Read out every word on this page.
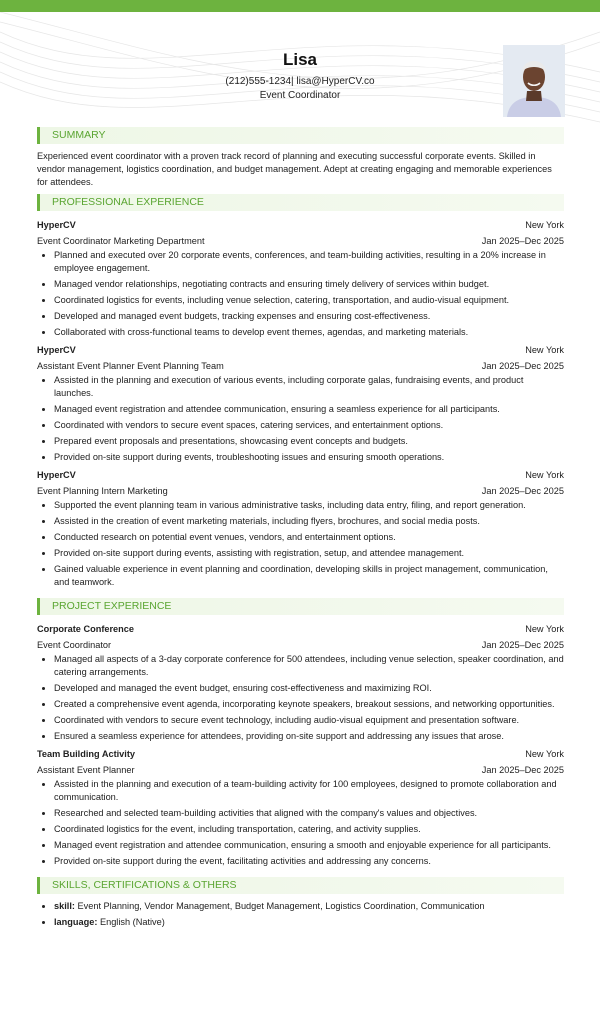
Lisa
(212)555-1234| lisa@HyperCV.co
Event Coordinator
SUMMARY
Experienced event coordinator with a proven track record of planning and executing successful corporate events. Skilled in vendor management, logistics coordination, and budget management. Adept at creating engaging and memorable experiences for attendees.
PROFESSIONAL EXPERIENCE
HyperCV	New York
Event Coordinator Marketing Department	Jan 2025–Dec 2025
• Planned and executed over 20 corporate events, conferences, and team-building activities, resulting in a 20% increase in employee engagement.
• Managed vendor relationships, negotiating contracts and ensuring timely delivery of services within budget.
• Coordinated logistics for events, including venue selection, catering, transportation, and audio-visual equipment.
• Developed and managed event budgets, tracking expenses and ensuring cost-effectiveness.
• Collaborated with cross-functional teams to develop event themes, agendas, and marketing materials.
HyperCV	New York
Assistant Event Planner Event Planning Team	Jan 2025–Dec 2025
• Assisted in the planning and execution of various events, including corporate galas, fundraising events, and product launches.
• Managed event registration and attendee communication, ensuring a seamless experience for all participants.
• Coordinated with vendors to secure event spaces, catering services, and entertainment options.
• Prepared event proposals and presentations, showcasing event concepts and budgets.
• Provided on-site support during events, troubleshooting issues and ensuring smooth operations.
HyperCV	New York
Event Planning Intern Marketing	Jan 2025–Dec 2025
• Supported the event planning team in various administrative tasks, including data entry, filing, and report generation.
• Assisted in the creation of event marketing materials, including flyers, brochures, and social media posts.
• Conducted research on potential event venues, vendors, and entertainment options.
• Provided on-site support during events, assisting with registration, setup, and attendee management.
• Gained valuable experience in event planning and coordination, developing skills in project management, communication, and teamwork.
PROJECT EXPERIENCE
Corporate Conference	New York
Event Coordinator	Jan 2025–Dec 2025
• Managed all aspects of a 3-day corporate conference for 500 attendees, including venue selection, speaker coordination, and catering arrangements.
• Developed and managed the event budget, ensuring cost-effectiveness and maximizing ROI.
• Created a comprehensive event agenda, incorporating keynote speakers, breakout sessions, and networking opportunities.
• Coordinated with vendors to secure event technology, including audio-visual equipment and presentation software.
• Ensured a seamless experience for attendees, providing on-site support and addressing any issues that arose.
Team Building Activity	New York
Assistant Event Planner	Jan 2025–Dec 2025
• Assisted in the planning and execution of a team-building activity for 100 employees, designed to promote collaboration and communication.
• Researched and selected team-building activities that aligned with the company's values and objectives.
• Coordinated logistics for the event, including transportation, catering, and activity supplies.
• Managed event registration and attendee communication, ensuring a smooth and enjoyable experience for all participants.
• Provided on-site support during the event, facilitating activities and addressing any concerns.
SKILLS, CERTIFICATIONS & OTHERS
• skill: Event Planning, Vendor Management, Budget Management, Logistics Coordination, Communication
• language: English (Native)
